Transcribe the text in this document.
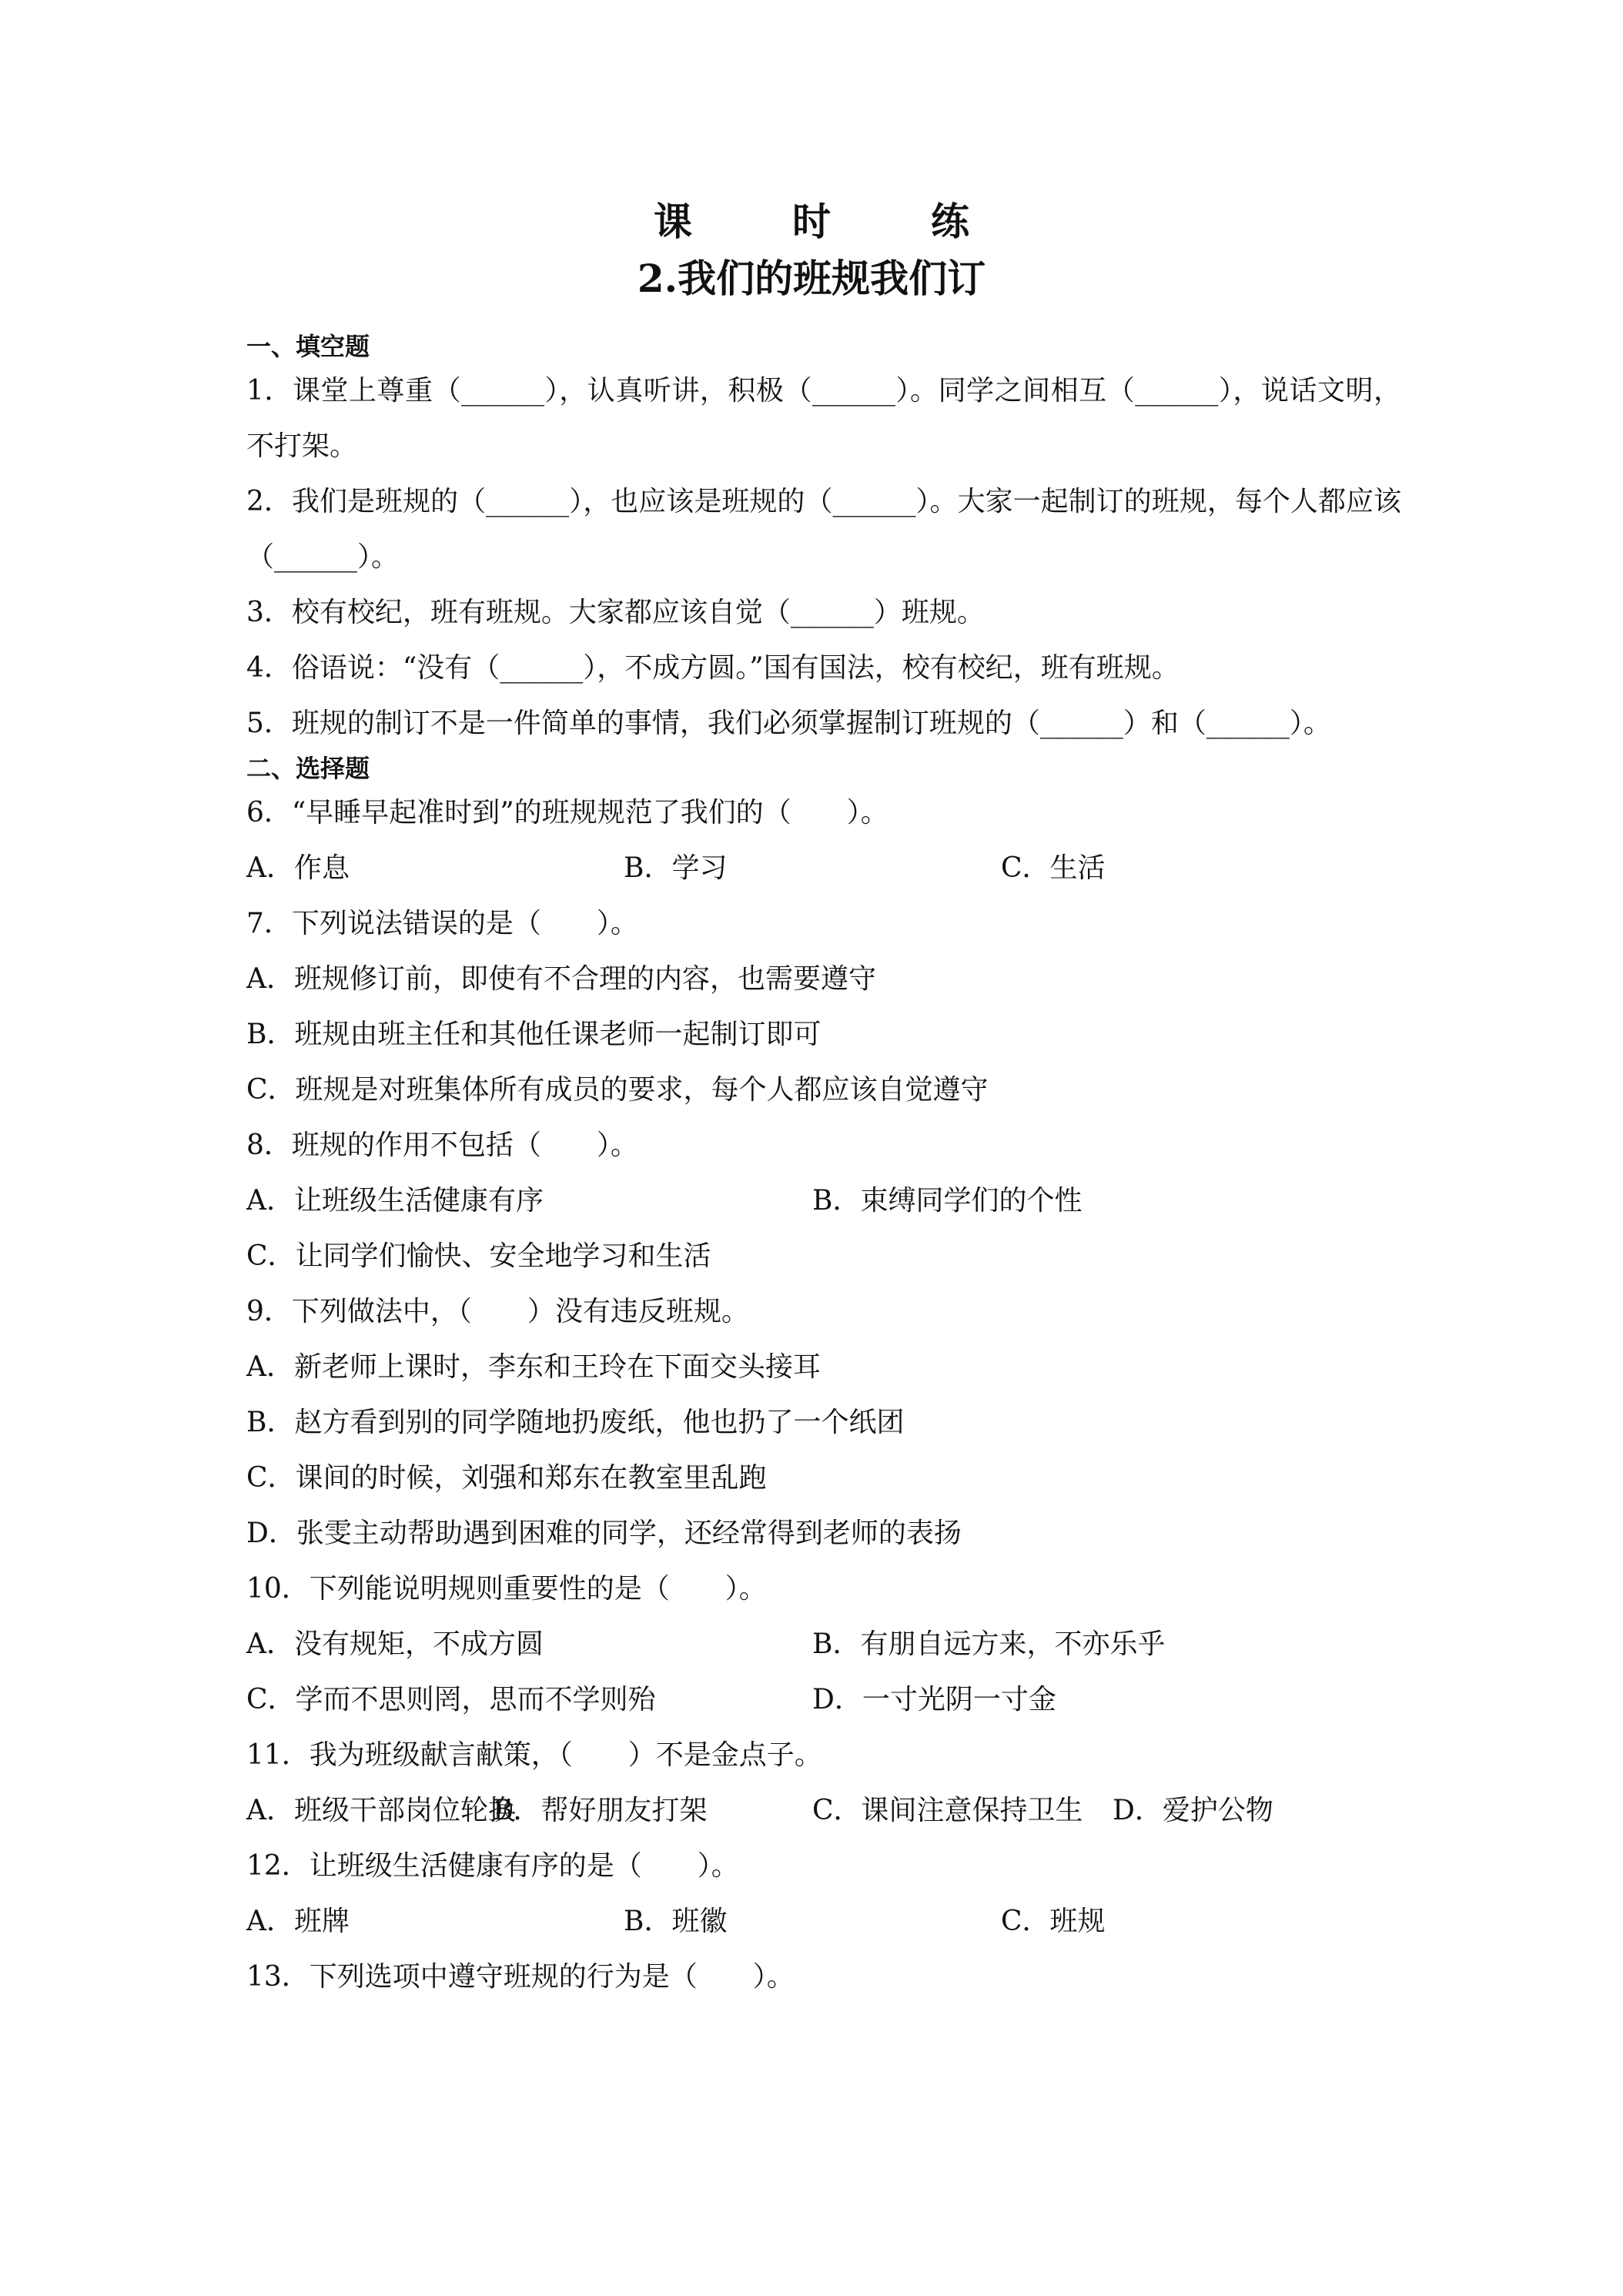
课　时　练
2.我们的班规我们订
一、填空题
1．课堂上尊重（______），认真听讲，积极（______）。同学之间相互（______），说话文明，不打架。
2．我们是班规的（______），也应该是班规的（______）。大家一起制订的班规，每个人都应该（______）。
3．校有校纪，班有班规。大家都应该自觉（______）班规。
4．俗语说：“没有（______），不成方圆。”国有国法，校有校纪，班有班规。
5．班规的制订不是一件简单的事情，我们必须掌握制订班规的（______）和（______）。
二、选择题
6．“早睡早起准时到”的班规规范了我们的（　　）。
A．作息	B．学习	C．生活
7．下列说法错误的是（　　）。
A．班规修订前，即使有不合理的内容，也需要遵守
B．班规由班主任和其他任课老师一起制订即可
C．班规是对班集体所有成员的要求，每个人都应该自觉遵守
8．班规的作用不包括（　　）。
A．让班级生活健康有序	B．束缚同学们的个性
C．让同学们愉快、安全地学习和生活
9．下列做法中，（　　）没有违反班规。
A．新老师上课时，李东和王玲在下面交头接耳
B．赵方看到别的同学随地扔废纸，他也扔了一个纸团
C．课间的时候，刘强和郑东在教室里乱跑
D．张雯主动帮助遇到困难的同学，还经常得到老师的表扬
10．下列能说明规则重要性的是（　　）。
A．没有规矩，不成方圆	B．有朋自远方来，不亦乐乎
C．学而不思则罔，思而不学则殆	D．一寸光阴一寸金
11．我为班级献言献策，（　　）不是金点子。
A．班级干部岗位轮换
B．帮好朋友打架	C．课间注意保持卫生	D．爱护公物
12．让班级生活健康有序的是（　　）。
A．班牌	B．班徽	C．班规
13．下列选项中遵守班规的行为是（　　）。
